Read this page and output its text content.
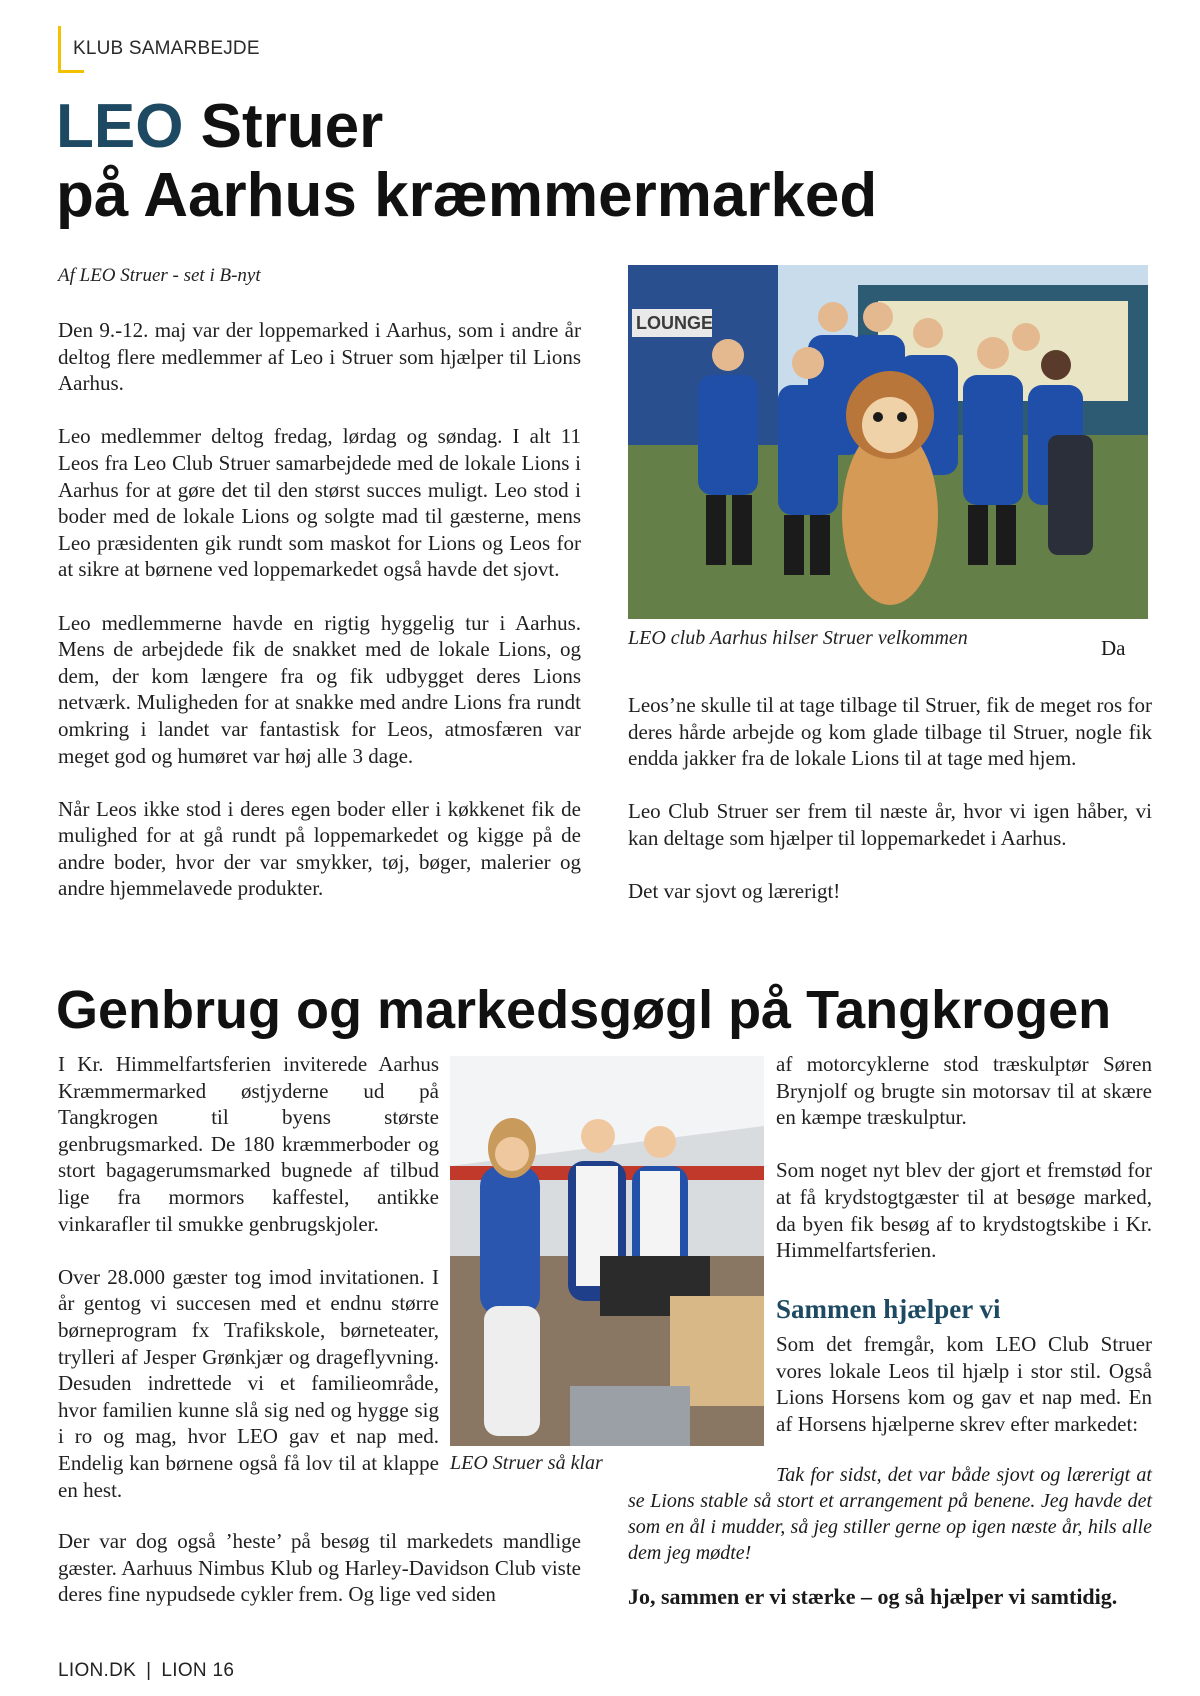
KLUB SAMARBEJDE
LEO Struer
på Aarhus kræmmermarked
Af LEO Struer - set i B-nyt

Den 9.-12. maj var der loppemarked i Aarhus, som i andre år deltog flere medlemmer af Leo i Struer som hjælper til Lions Aarhus.

Leo medlemmer deltog fredag, lørdag og søndag. I alt 11 Leos fra Leo Club Struer samarbejdede med de lokale Lions i Aarhus for at gøre det til den størst succes muligt. Leo stod i boder med de lokale Lions og solgte mad til gæsterne, mens Leo præsidenten gik rundt som maskot for Lions og Leos for at sikre at børnene ved loppemarkedet også havde det sjovt.

Leo medlemmerne havde en rigtig hyggelig tur i Aarhus. Mens de arbejdede fik de snakket med de lokale Lions, og dem, der kom længere fra og fik udbygget deres Lions netværk. Muligheden for at snakke med andre Lions fra rundt omkring i landet var fantastisk for Leos, atmosfæren var meget god og humøret var høj alle 3 dage.

Når Leos ikke stod i deres egen boder eller i køkkenet fik de mulighed for at gå rundt på loppemarkedet og kigge på de andre boder, hvor der var smykker, tøj, bøger, malerier og andre hjemmelavede produkter.

LOUNGE
LEO club Aarhus hilser Struer velkommen	Da

Leos’ne skulle til at tage tilbage til Struer, fik de meget ros for deres hårde arbejde og kom glade tilbage til Struer, nogle fik endda jakker fra de lokale Lions til at tage med hjem.

Leo Club Struer ser frem til næste år, hvor vi igen håber, vi kan deltage som hjælper til loppemarkedet i Aarhus.

Det var sjovt og lærerigt!

Genbrug og markedsgøgl på Tangkrogen

I Kr. Himmelfartsferien inviterede Aarhus Kræmmermarked østjyderne ud på Tangkrogen til byens største genbrugsmarked. De 180 kræmmerboder og stort bagagerumsmarked bugnede af tilbud lige fra mormors kaffestel, antikke vinkarafler til smukke genbrugskjoler.

Over 28.000 gæster tog imod invitationen. I år gentog vi succesen med et endnu større børneprogram fx Trafikskole, børneteater, trylleri af Jesper Grønkjær og drageflyvning. Desuden indrettede vi et familieområde, hvor familien kunne slå sig ned og hygge sig i ro og mag, hvor LEO gav et nap med. Endelig kan børnene også få lov til at klappe en hest.

LEO Struer så klar

Der var dog også ’heste’ på besøg til markedets mandlige gæster. Aarhuus Nimbus Klub og Harley-Davidson Club viste deres fine nypudsede cykler frem. Og lige ved siden

af motorcyklerne stod træskulptør Søren Brynjolf og brugte sin motorsav til at skære en kæmpe træskulptur.

Som noget nyt blev der gjort et fremstød for at få krydstogtgæster til at besøge marked, da byen fik besøg af to krydstogtskibe i Kr. Himmelfartsferien.

Sammen hjælper vi

Som det fremgår, kom LEO Club Struer vores lokale Leos til hjælp i stor stil. Også Lions Horsens kom og gav et nap med. En af Horsens hjælperne skrev efter markedet:

Tak for sidst, det var både sjovt og lærerigt at se Lions stable så stort et arrangement på benene. Jeg havde det som en ål i mudder, så jeg stiller gerne op igen næste år, hils alle dem jeg mødte!
Jo, sammen er vi stærke – og så hjælper vi samtidig.
LION.DK | LION 16
